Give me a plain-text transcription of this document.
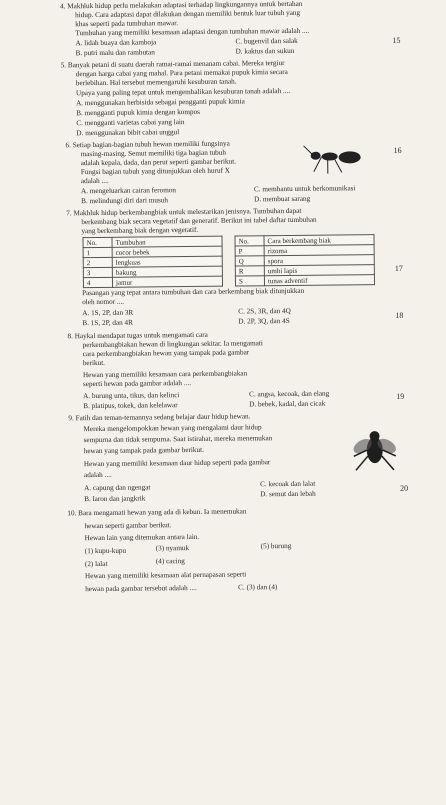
4. Makhluk hidup perlu melakukan adaptasi terhadap lingkungannya untuk bertahan
hidup. Cara adaptasi dapat dilakukan dengan memiliki bentuk luar tubuh yang
khas seperti pada tumbuhan mawar.
Tumbuhan yang memiliki kesamaan adaptasi dengan tumbuhan mawar adalah ....
A. lidah buaya dan kamboja	C. bugenvil dan salak
B. putri malu dan rambutan	D. kaktus dan sukun
15
5. Banyak petani di suatu daerah ramai-ramai menanam cabai. Mereka tergiur
dengan harga cabai yang mahal. Para petani memakai pupuk kimia secara
berlebihan. Hal tersebut memengaruhi kesuburan tanah.
Upaya yang paling tepat untuk mengembalikan kesuburan tanah adalah ....
A. menggunakan herbisida sebagai pengganti pupuk kimia
B. mengganti pupuk kimia dengan kompos
C. mengganti varietas cabai yang lain
D. menggunakan bibit cabai unggul
6. Setiap bagian-bagian tubuh hewan memiliki fungsinya
masing-masing. Semut memiliki tiga bagian tubuh
adalah kepala, dada, dan perut seperti gambar berikut.
Fungsi bagian tubuh yang ditunjukkan oleh huruf X
adalah ....
16
A. mengeluarkan cairan feromon	C. membantu untuk berkomunikasi
B. melindungi diri dari musuh	D. membuat sarang
7. Makhluk hidup berkembangbiak untuk melestarikan jenisnya. Tumbuhan dapat
berkembang biak secara vegetatif dan generatif. Berikut ini tabel daftar tumbuhan
yang berkembang biak dengan vegetatif.
No.	Tumbuhan
1	cocor bebek
2	lengkuas
3	bakung
4	jamur
No.	Cara berkembang biak
P	rizoma
Q	spora
R	umbi lapis
S	tunas adventif
17
Pasangan yang tepat antara tumbuhan dan cara berkembang biak ditunjukkan
oleh nomor ....
A. 1S, 2P, dan 3R	C. 2S, 3R, dan 4Q
B. 1S, 2P, dan 4R	D. 2P, 3Q, dan 4S
18
8. Haykal mendapat tugas untuk mengamati cara
perkembangbiakan hewan di lingkungan sekitar. Ia mengamati
cara perkembangbiakan hewan yang tampak pada gambar
berikut.
Hewan yang memiliki kesamaan cara perkembangbiakan
seperti hewan pada gambar adalah ....
A. burung unta, tikus, dan kelinci	C. angsa, kecoak, dan elang
B. platipus, tokek, dan kelelawar	D. bebek, kadal, dan cicak
19
9. Fatih dan teman-temannya sedang belajar daur hidup hewan.
Mereka mengelompokkan hewan yang mengalami daur hidup
sempurna dan tidak sempurna. Saat istirahat, mereka menemukan
hewan yang tampak pada gambar berikut.
Hewan yang memiliki kesamaan daur hidup seperti pada gambar
adalah ....
A. capung dan ngengat	C. kecoak dan lalat
B. laron dan jangkrik
D. semut dan lebah
20
10. Bara mengamati hewan yang ada di kebun. Ia menemukan
hewan seperti gambar berikut.
Hewan lain yang ditemukan antara lain.
(1) kupu-kupu	(3) nyamuk	(5) burung
(2) lalat	(4) cacing
Hewan yang memiliki kesamaan alat pernapasan seperti
hewan pada gambar tersebut adalah ....	C. (3) dan (4)
